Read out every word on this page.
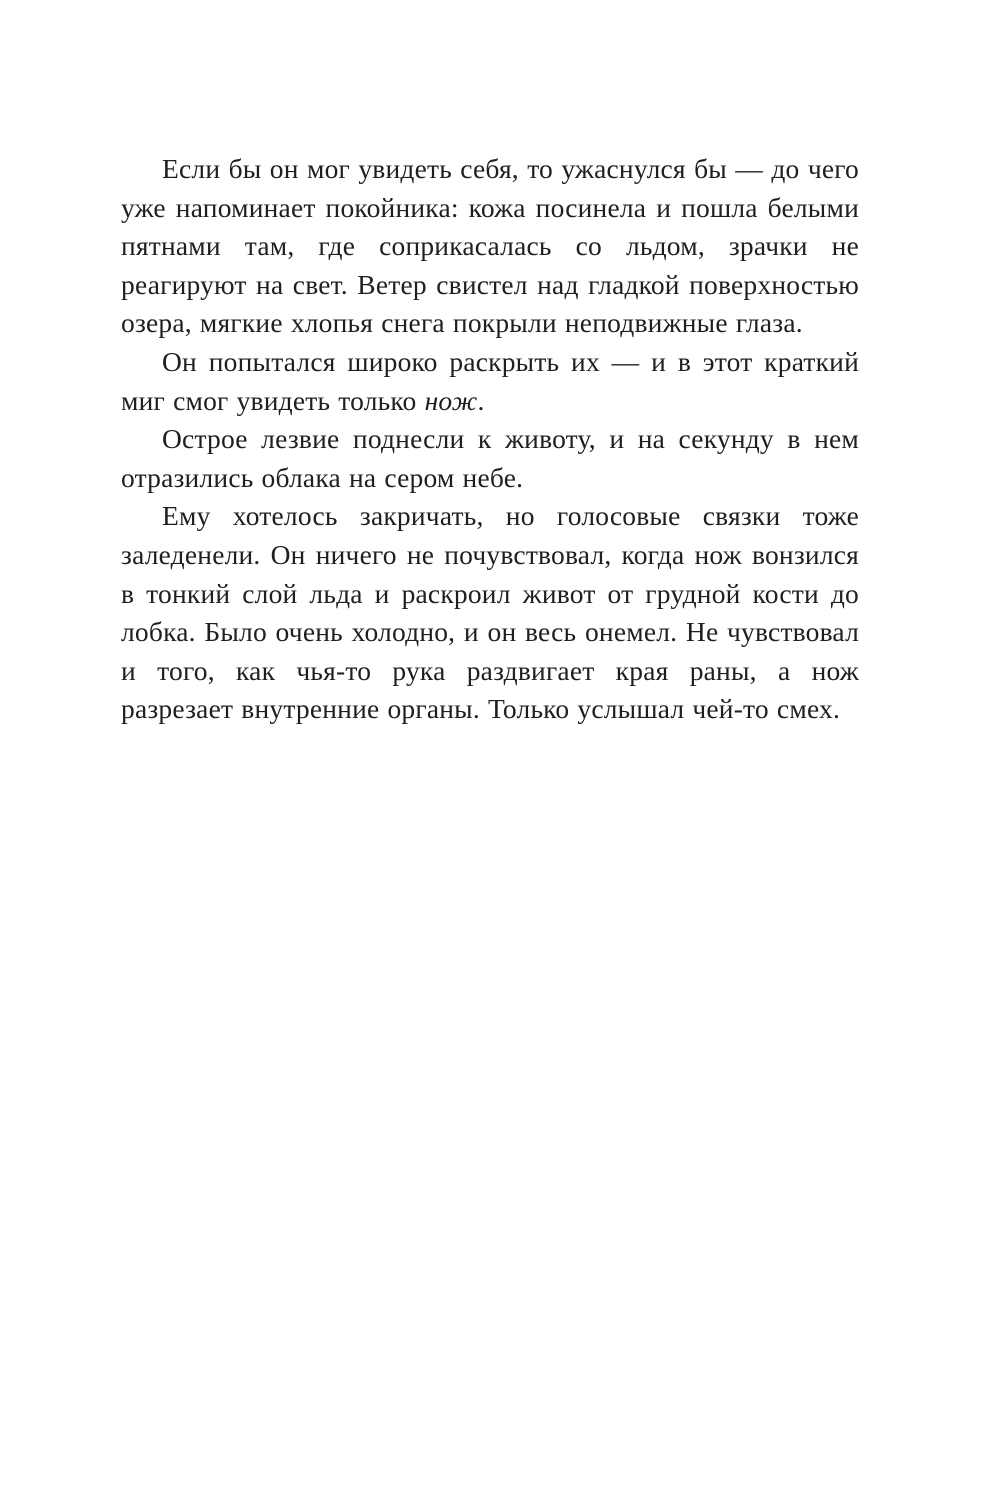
Если бы он мог увидеть себя, то ужаснулся бы — до чего уже напоминает покойника: кожа посинела и пошла белыми пятнами там, где соприкасалась со льдом, зрачки не реагируют на свет. Ветер свистел над гладкой поверхностью озера, мягкие хлопья снега покрыли неподвижные глаза.

Он попытался широко раскрыть их — и в этот краткий миг смог увидеть только нож.

Острое лезвие поднесли к животу, и на секунду в нем отразились облака на сером небе.

Ему хотелось закричать, но голосовые связки тоже заледенели. Он ничего не почувствовал, когда нож вонзился в тонкий слой льда и раскроил живот от грудной кости до лобка. Было очень холодно, и он весь онемел. Не чувствовал и того, как чья-то рука раздвигает края раны, а нож разрезает внутренние органы. Только услышал чей-то смех.
